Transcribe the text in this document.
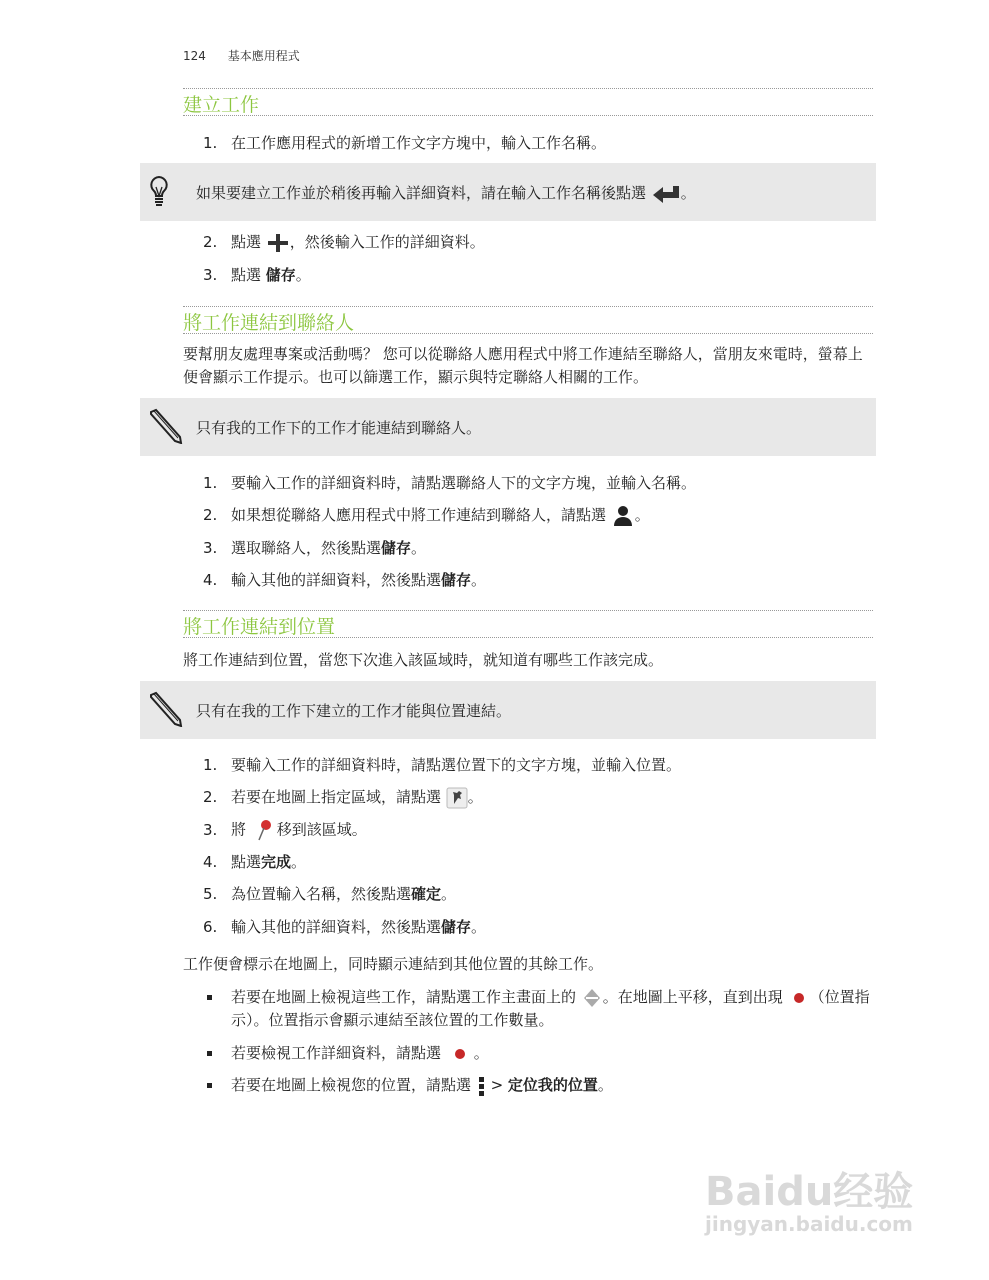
124 基本應用程式
建立工作
1. 在工作應用程式的新增工作文字方塊中，輸入工作名稱。
如果要建立工作並於稍後再輸入詳細資料，請在輸入工作名稱後點選 。
2. 點選 ，然後輸入工作的詳細資料。
3. 點選 儲存。
將工作連結到聯絡人
要幫朋友處理專案或活動嗎？ 您可以從聯絡人應用程式中將工作連結至聯絡人，當朋友來電時，螢幕上便會顯示工作提示。也可以篩選工作，顯示與特定聯絡人相關的工作。
只有我的工作下的工作才能連結到聯絡人。
1. 要輸入工作的詳細資料時，請點選聯絡人下的文字方塊，並輸入名稱。
2. 如果想從聯絡人應用程式中將工作連結到聯絡人，請點選 。
3. 選取聯絡人，然後點選儲存。
4. 輸入其他的詳細資料，然後點選儲存。
將工作連結到位置
將工作連結到位置，當您下次進入該區域時，就知道有哪些工作該完成。
只有在我的工作下建立的工作才能與位置連結。
1. 要輸入工作的詳細資料時，請點選位置下的文字方塊，並輸入位置。
2. 若要在地圖上指定區域，請點選 。
3. 將 移到該區域。
4. 點選完成。
5. 為位置輸入名稱，然後點選確定。
6. 輸入其他的詳細資料，然後點選儲存。
工作便會標示在地圖上，同時顯示連結到其他位置的其餘工作。
若要在地圖上檢視這些工作，請點選工作主畫面上的 。在地圖上平移，直到出現 （位置指示）。位置指示會顯示連結至該位置的工作數量。
若要檢視工作詳細資料，請點選 。
若要在地圖上檢視您的位置，請點選  > 定位我的位置。
Baidu经验
jingyan.baidu.com
